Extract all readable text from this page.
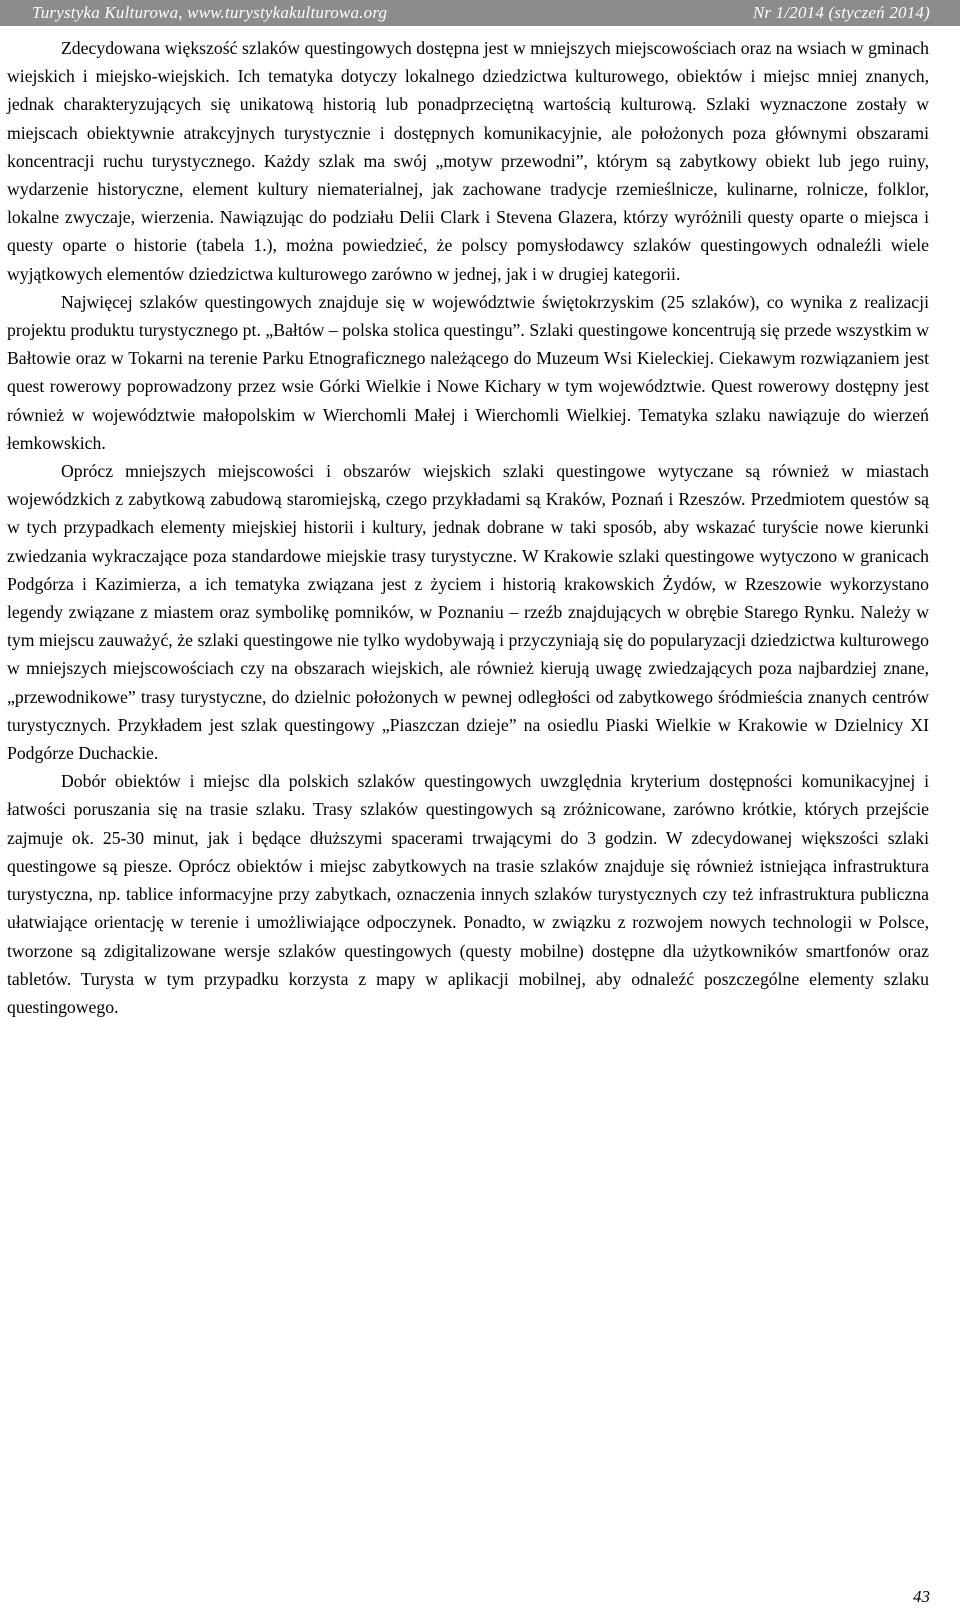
Turystyka Kulturowa, www.turystykakulturowa.org	Nr 1/2014 (styczeń 2014)

Zdecydowana większość szlaków questingowych dostępna jest w mniejszych miejscowościach oraz na wsiach w gminach wiejskich i miejsko-wiejskich. Ich tematyka dotyczy lokalnego dziedzictwa kulturowego, obiektów i miejsc mniej znanych, jednak charakteryzujących się unikatową historią lub ponadprzeciętną wartością kulturową. Szlaki wyznaczone zostały w miejscach obiektywnie atrakcyjnych turystycznie i dostępnych komunikacyjnie, ale położonych poza głównymi obszarami koncentracji ruchu turystycznego. Każdy szlak ma swój „motyw przewodni”, którym są zabytkowy obiekt lub jego ruiny, wydarzenie historyczne, element kultury niematerialnej, jak zachowane tradycje rzemieślnicze, kulinarne, rolnicze, folklor, lokalne zwyczaje, wierzenia. Nawiązując do podziału Delii Clark i Stevena Glazera, którzy wyróżnili questy oparte o miejsca i questy oparte o historie (tabela 1.), można powiedzieć, że polscy pomysłodawcy szlaków questingowych odnaleźli wiele wyjątkowych elementów dziedzictwa kulturowego zarówno w jednej, jak i w drugiej kategorii.

Najwięcej szlaków questingowych znajduje się w województwie świętokrzyskim (25 szlaków), co wynika z realizacji projektu produktu turystycznego pt. „Bałtów – polska stolica questingu”. Szlaki questingowe koncentrują się przede wszystkim w Bałtowie oraz w Tokarni na terenie Parku Etnograficznego należącego do Muzeum Wsi Kieleckiej. Ciekawym rozwiązaniem jest quest rowerowy poprowadzony przez wsie Górki Wielkie i Nowe Kichary w tym województwie. Quest rowerowy dostępny jest również w województwie małopolskim w Wierchomli Małej i Wierchomli Wielkiej. Tematyka szlaku nawiązuje do wierzeń łemkowskich.

Oprócz mniejszych miejscowości i obszarów wiejskich szlaki questingowe wytyczane są również w miastach wojewódzkich z zabytkową zabudową staromiejską, czego przykładami są Kraków, Poznań i Rzeszów. Przedmiotem questów są w tych przypadkach elementy miejskiej historii i kultury, jednak dobrane w taki sposób, aby wskazać turyście nowe kierunki zwiedzania wykraczające poza standardowe miejskie trasy turystyczne. W Krakowie szlaki questingowe wytyczono w granicach Podgórza i Kazimierza, a ich tematyka związana jest z życiem i historią krakowskich Żydów, w Rzeszowie wykorzystano legendy związane z miastem oraz symbolikę pomników, w Poznaniu – rzeźb znajdujących w obrębie Starego Rynku. Należy w tym miejscu zauważyć, że szlaki questingowe nie tylko wydobywają i przyczyniają się do popularyzacji dziedzictwa kulturowego w mniejszych miejscowościach czy na obszarach wiejskich, ale również kierują uwagę zwiedzających poza najbardziej znane, „przewodnikowe” trasy turystyczne, do dzielnic położonych w pewnej odległości od zabytkowego śródmieścia znanych centrów turystycznych. Przykładem jest szlak questingowy „Piaszczan dzieje” na osiedlu Piaski Wielkie w Krakowie w Dzielnicy XI Podgórze Duchackie.

Dobór obiektów i miejsc dla polskich szlaków questingowych uwzględnia kryterium dostępności komunikacyjnej i łatwości poruszania się na trasie szlaku. Trasy szlaków questingowych są zróżnicowane, zarówno krótkie, których przejście zajmuje ok. 25-30 minut, jak i będące dłuższymi spacerami trwającymi do 3 godzin. W zdecydowanej większości szlaki questingowe są piesze. Oprócz obiektów i miejsc zabytkowych na trasie szlaków znajduje się również istniejąca infrastruktura turystyczna, np. tablice informacyjne przy zabytkach, oznaczenia innych szlaków turystycznych czy też infrastruktura publiczna ułatwiające orientację w terenie i umożliwiające odpoczynek. Ponadto, w związku z rozwojem nowych technologii w Polsce, tworzone są zdigitalizowane wersje szlaków questingowych (questy mobilne) dostępne dla użytkowników smartfonów oraz tabletów. Turysta w tym przypadku korzysta z mapy w aplikacji mobilnej, aby odnaleźć poszczególne elementy szlaku questingowego.

43
